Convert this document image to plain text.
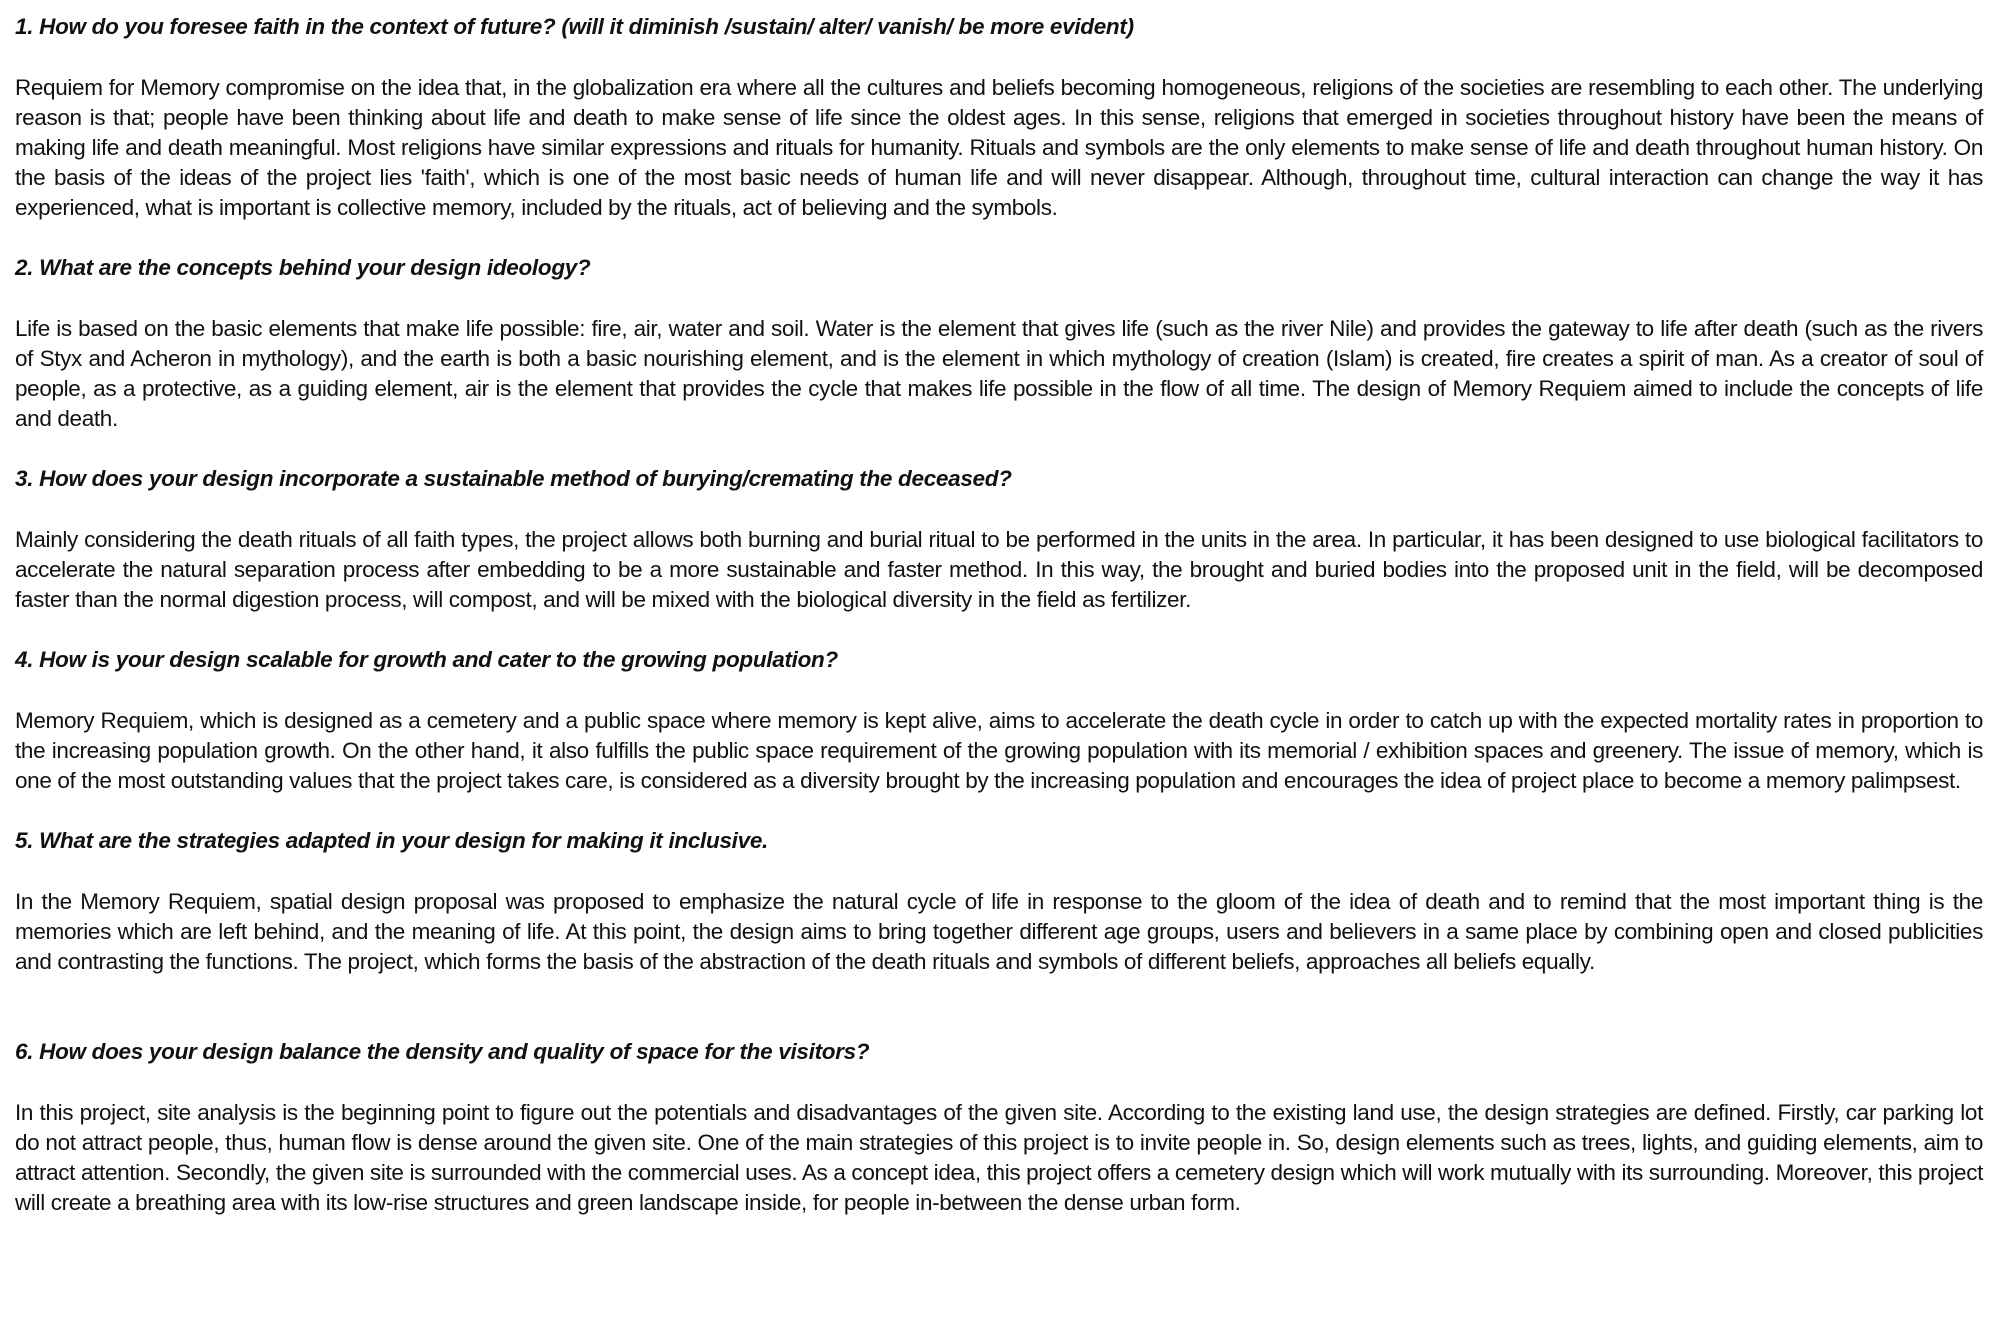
1. How do you foresee faith in the context of future? (will it diminish /sustain/ alter/ vanish/ be more evident)

Requiem for Memory compromise on the idea that, in the globalization era where all the cultures and beliefs becoming homogeneous, religions of the societies are resembling to each other. The underlying reason is that; people have been thinking about life and death to make sense of life since the oldest ages. In this sense, religions that emerged in societies throughout history have been the means of making life and death meaningful. Most religions have similar expressions and rituals for humanity. Rituals and symbols are the only elements to make sense of life and death throughout human history. On the basis of the ideas of the project lies 'faith', which is one of the most basic needs of human life and will never disappear. Although, throughout time, cultural interaction can change the way it has experienced, what is important is collective memory, included by the rituals, act of believing and the symbols.

2. What are the concepts behind your design ideology?

Life is based on the basic elements that make life possible: fire, air, water and soil. Water is the element that gives life (such as the river Nile) and provides the gateway to life after death (such as the rivers of Styx and Acheron in mythology), and the earth is both a basic nourishing element, and is the element in which mythology of creation (Islam) is created, fire creates a spirit of man. As a creator of soul of people, as a protective, as a guiding element, air is the element that provides the cycle that makes life possible in the flow of all time. The design of Memory Requiem aimed to include the concepts of life and death.

3. How does your design incorporate a sustainable method of burying/cremating the deceased?

Mainly considering the death rituals of all faith types, the project allows both burning and burial ritual to be performed in the units in the area. In particular, it has been designed to use biological facilitators to accelerate the natural separation process after embedding to be a more sustainable and faster method. In this way, the brought and buried bodies into the proposed unit in the field, will be decomposed faster than the normal digestion process, will compost, and will be mixed with the biological diversity in the field as fertilizer.

4. How is your design scalable for growth and cater to the growing population?

Memory Requiem, which is designed as a cemetery and a public space where memory is kept alive, aims to accelerate the death cycle in order to catch up with the expected mortality rates in proportion to the increasing population growth. On the other hand, it also fulfills the public space requirement of the growing population with its memorial / exhibition spaces and greenery. The issue of memory, which is one of the most outstanding values that the project takes care, is considered as a diversity brought by the increasing population and encourages the idea of project place to become a memory palimpsest.

5. What are the strategies adapted in your design for making it inclusive.

In the Memory Requiem, spatial design proposal was proposed to emphasize the natural cycle of life in response to the gloom of the idea of death and to remind that the most important thing is the memories which are left behind, and the meaning of life. At this point, the design aims to bring together different age groups, users and believers in a same place by combining open and closed publicities and contrasting the functions. The project, which forms the basis of the abstraction of the death rituals and symbols of different beliefs, approaches all beliefs equally.

6. How does your design balance the density and quality of space for the visitors?

In this project, site analysis is the beginning point to figure out the potentials and disadvantages of the given site. According to the existing land use, the design strategies are defined. Firstly, car parking lot do not attract people, thus, human flow is dense around the given site. One of the main strategies of this project is to invite people in. So, design elements such as trees, lights, and guiding elements, aim to attract attention. Secondly, the given site is surrounded with the commercial uses. As a concept idea, this project offers a cemetery design which will work mutually with its surrounding. Moreover, this project will create a breathing area with its low-rise structures and green landscape inside, for people in-between the dense urban form.
